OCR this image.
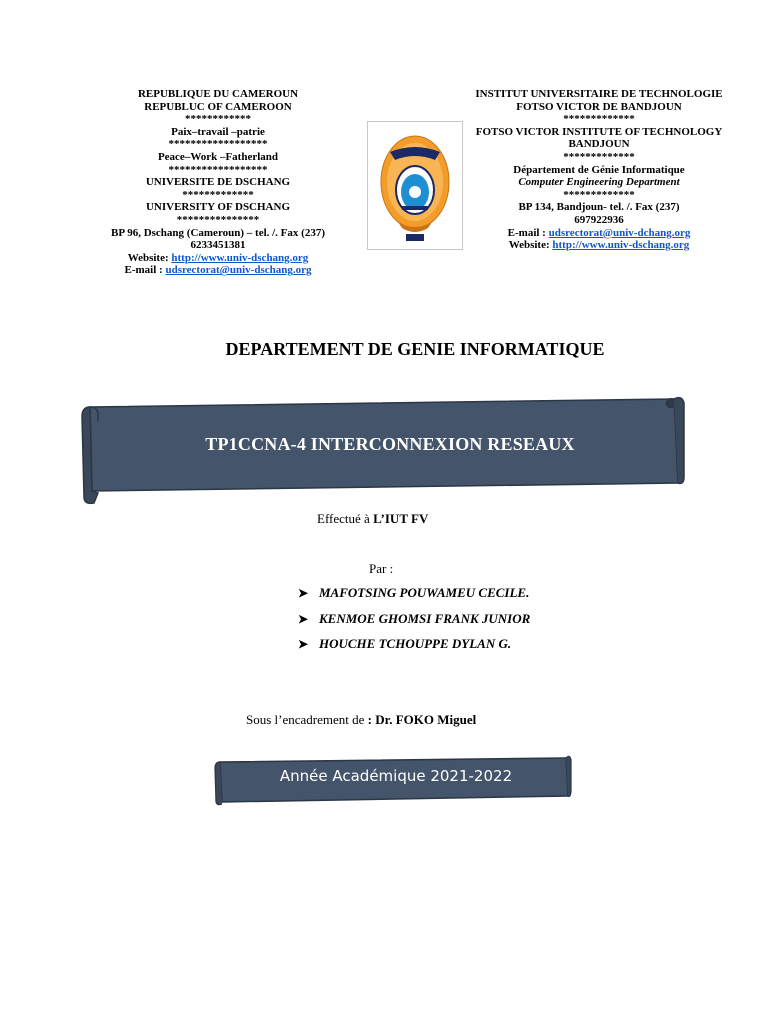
REPUBLIQUE DU CAMEROUN
REPUBLUC OF CAMEROON
************
Paix–travail –patrie
******************
Peace–Work –Fatherland
******************
UNIVERSITE DE DSCHANG
*************
UNIVERSITY OF DSCHANG
***************
BP 96, Dschang (Cameroun) – tel. /. Fax (237)
6233451381
Website: http://www.univ-dschang.org
E-mail : udsrectorat@univ-dschang.org
INSTITUT UNIVERSITAIRE DE TECHNOLOGIE FOTSO VICTOR DE BANDJOUN
*************
FOTSO VICTOR INSTITUTE OF TECHNOLOGY BANDJOUN
*************
Département de Génie Informatique
Computer Engineering Department
*************
BP 134, Bandjoun- tel. /. Fax (237)
697922936
E-mail : udsrectorat@univ-dchang.org
Website: http://www.univ-dschang.org
DEPARTEMENT DE GENIE INFORMATIQUE
TP1CCNA-4 INTERCONNEXION RESEAUX
Effectué à L’IUT FV
Par :
➤ MAFOTSING POUWAMEU CECILE.
➤ KENMOE GHOMSI FRANK JUNIOR
➤ HOUCHE TCHOUPPE DYLAN G.
Sous l’encadrement de : Dr. FOKO Miguel
Année Académique 2021-2022
